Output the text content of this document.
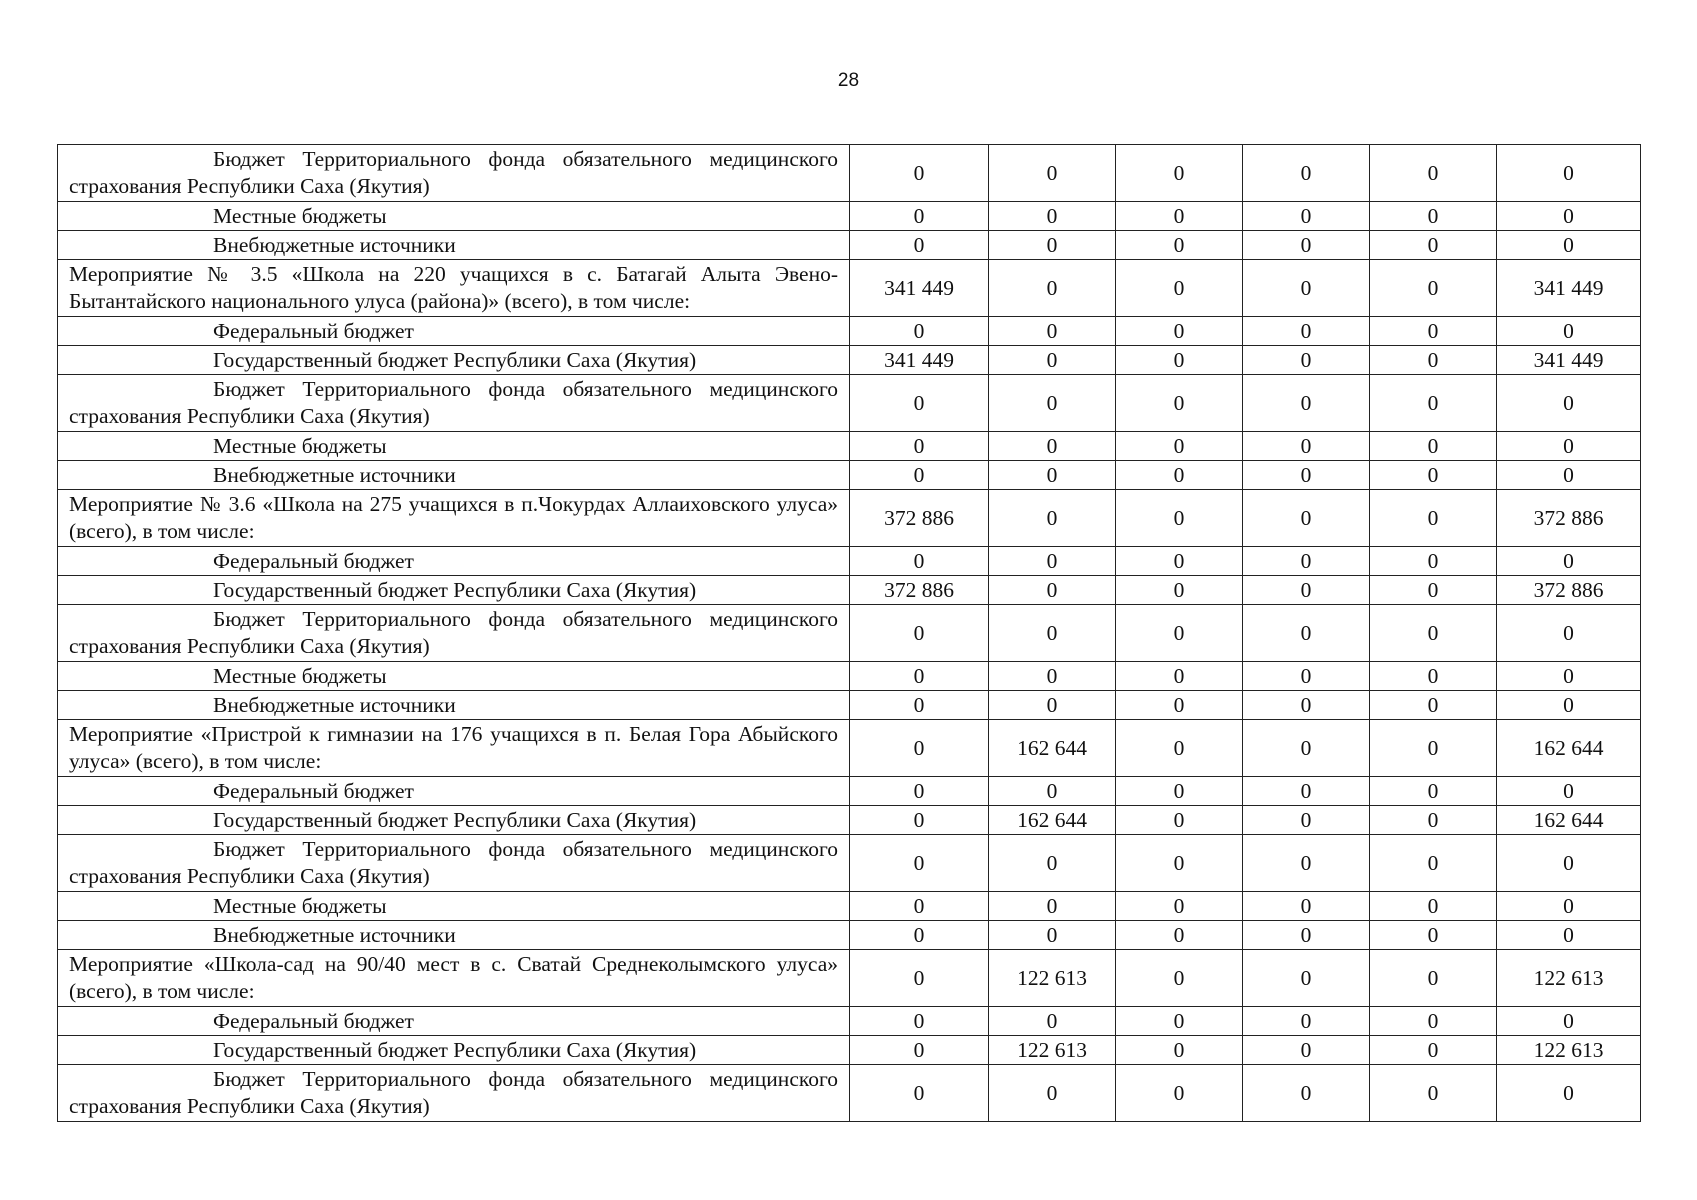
28
Бюджет Территориального фонда обязательного медицинского страхования Республики Саха (Якутия)	0	0	0	0	0	0
Местные бюджеты	0	0	0	0	0	0
Внебюджетные источники	0	0	0	0	0	0
Мероприятие № 3.5 «Школа на 220 учащихся в с. Батагай Алыта Эвено-Бытантайского национального улуса (района)» (всего), в том числе:	341 449	0	0	0	0	341 449
Федеральный бюджет	0	0	0	0	0	0
Государственный бюджет Республики Саха (Якутия)	341 449	0	0	0	0	341 449
Бюджет Территориального фонда обязательного медицинского страхования Республики Саха (Якутия)	0	0	0	0	0	0
Местные бюджеты	0	0	0	0	0	0
Внебюджетные источники	0	0	0	0	0	0
Мероприятие № 3.6 «Школа на 275 учащихся в п.Чокурдах Аллаиховского улуса» (всего), в том числе:	372 886	0	0	0	0	372 886
Федеральный бюджет	0	0	0	0	0	0
Государственный бюджет Республики Саха (Якутия)	372 886	0	0	0	0	372 886
Бюджет Территориального фонда обязательного медицинского страхования Республики Саха (Якутия)	0	0	0	0	0	0
Местные бюджеты	0	0	0	0	0	0
Внебюджетные источники	0	0	0	0	0	0
Мероприятие «Пристрой к гимназии на 176 учащихся в п. Белая Гора Абыйского улуса» (всего), в том числе:	0	162 644	0	0	0	162 644
Федеральный бюджет	0	0	0	0	0	0
Государственный бюджет Республики Саха (Якутия)	0	162 644	0	0	0	162 644
Бюджет Территориального фонда обязательного медицинского страхования Республики Саха (Якутия)	0	0	0	0	0	0
Местные бюджеты	0	0	0	0	0	0
Внебюджетные источники	0	0	0	0	0	0
Мероприятие «Школа-сад на 90/40 мест в с. Сватай Среднеколымского улуса» (всего), в том числе:	0	122 613	0	0	0	122 613
Федеральный бюджет	0	0	0	0	0	0
Государственный бюджет Республики Саха (Якутия)	0	122 613	0	0	0	122 613
Бюджет Территориального фонда обязательного медицинского страхования Республики Саха (Якутия)	0	0	0	0	0	0
